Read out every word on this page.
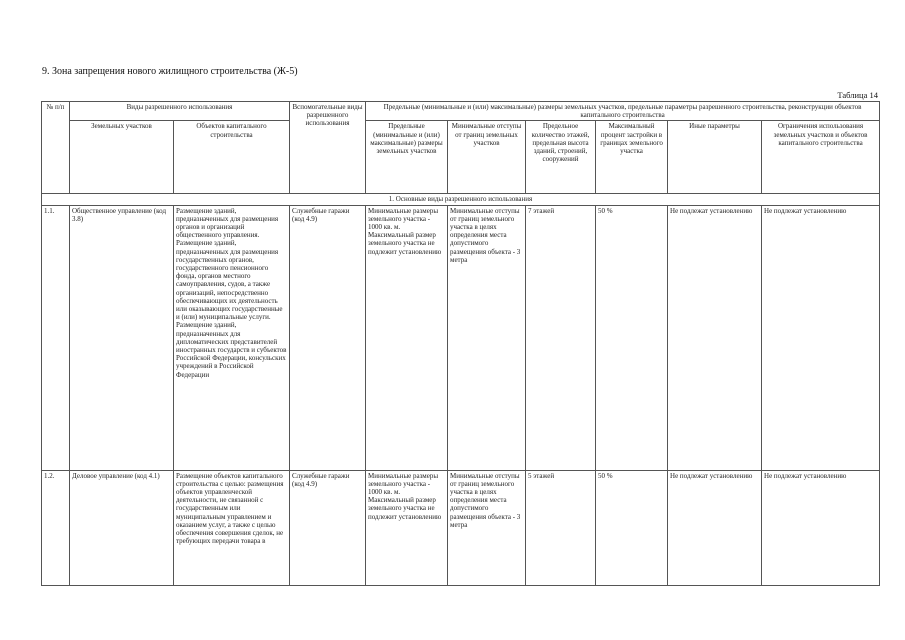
9. Зона запрещения нового жилищного строительства (Ж-5)
Таблица 14
№ п/п	Виды разрешенного использования		Вспомогательные виды разрешенного использования	Предельные (минимальные и (или) максимальные) размеры земельных участков, предельные параметры разрешенного строительства, реконструкции объектов капитального строительства					
	Земельных участков	Объектов капитального строительства		Предельные (минимальные и (или) максимальные) размеры земельных участков	Минимальные отступы от границ земельных участков	Предельное количество этажей, предельная высота зданий, строений, сооружений	Максимальный процент застройки в границах земельного участка	Иные параметры	Ограничения использования земельных участков и объектов капитального строительства
1. Основные виды разрешенного использования									
1.1.	Общественное управление (код 3.8)	Размещение зданий, предназначенных для размещения органов и организаций общественного управления. Размещение зданий, предназначенных для размещения государственных органов, государственного пенсионного фонда, органов местного самоуправления, судов, а также организаций, непосредственно обеспечивающих их деятельность или оказывающих государственные и (или) муниципальные услуги. Размещение зданий, предназначенных для дипломатических представителей иностранных государств и субъектов Российской Федерации, консульских учреждений в Российской Федерации	Служебные гаражи (код 4.9)	Минимальные размеры земельного участка - 1000 кв. м. Максимальный размер земельного участка не подлежит установлению	Минимальные отступы от границ земельного участка в целях определения места допустимого размещения объекта - 3 метра	7 этажей	50 %	Не подлежат установлению	Не подлежат установлению
1.2.	Деловое управление (код 4.1)	Размещение объектов капитального строительства с целью: размещения объектов управленческой деятельности, не связанной с государственным или муниципальным управлением и оказанием услуг, а также с целью обеспечения совершения сделок, не требующих передачи товара в	Служебные гаражи (код 4.9)	Минимальные размеры земельного участка - 1000 кв. м. Максимальный размер земельного участка не подлежит установлению	Минимальные отступы от границ земельного участка в целях определения места допустимого размещения объекта - 3 метра	5 этажей	50 %	Не подлежат установлению	Не подлежат установлению
